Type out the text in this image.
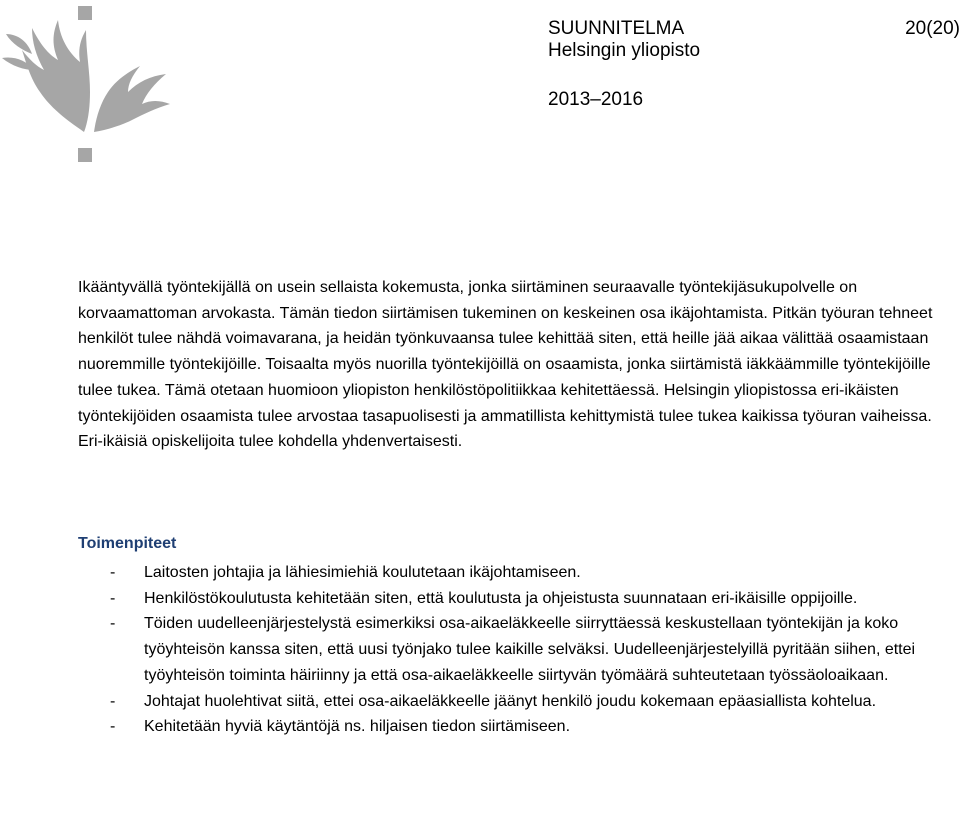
SUUNNITELMA
Helsingin yliopisto
2013–2016
20(20)

Ikääntyvällä työntekijällä on usein sellaista kokemusta, jonka siirtäminen seuraavalle työntekijäsukupolvelle on korvaamattoman arvokasta. Tämän tiedon siirtämisen tukeminen on keskeinen osa ikäjohtamista. Pitkän työuran tehneet henkilöt tulee nähdä voimavarana, ja heidän työnkuvaansa tulee kehittää siten, että heille jää aikaa välittää osaamistaan nuoremmille työntekijöille. Toisaalta myös nuorilla työntekijöillä on osaamista, jonka siirtämistä iäkkäämmille työntekijöille tulee tukea. Tämä otetaan huomioon yliopiston henkilöstöpolitiikkaa kehitettäessä. Helsingin yliopistossa eri-ikäisten työntekijöiden osaamista tulee arvostaa tasapuolisesti ja ammatillista kehittymistä tulee tukea kaikissa työuran vaiheissa. Eri-ikäisiä opiskelijoita tulee kohdella yhdenvertaisesti.

Toimenpiteet
- Laitosten johtajia ja lähiesimiehiä koulutetaan ikäjohtamiseen.
- Henkilöstökoulutusta kehitetään siten, että koulutusta ja ohjeistusta suunnataan eri-ikäisille oppijoille.
- Töiden uudelleenjärjestelystä esimerkiksi osa-aikaeläkkeelle siirryttäessä keskustellaan työntekijän ja koko työyhteisön kanssa siten, että uusi työnjako tulee kaikille selväksi. Uudelleenjärjestelyillä pyritään siihen, ettei työyhteisön toiminta häiriinny ja että osa-aikaeläkkeelle siirtyvän työmäärä suhteutetaan työssäoloaikaan.
- Johtajat huolehtivat siitä, ettei osa-aikaeläkkeelle jäänyt henkilö joudu kokemaan epäasiallista kohtelua.
- Kehitetään hyviä käytäntöjä ns. hiljaisen tiedon siirtämiseen.
